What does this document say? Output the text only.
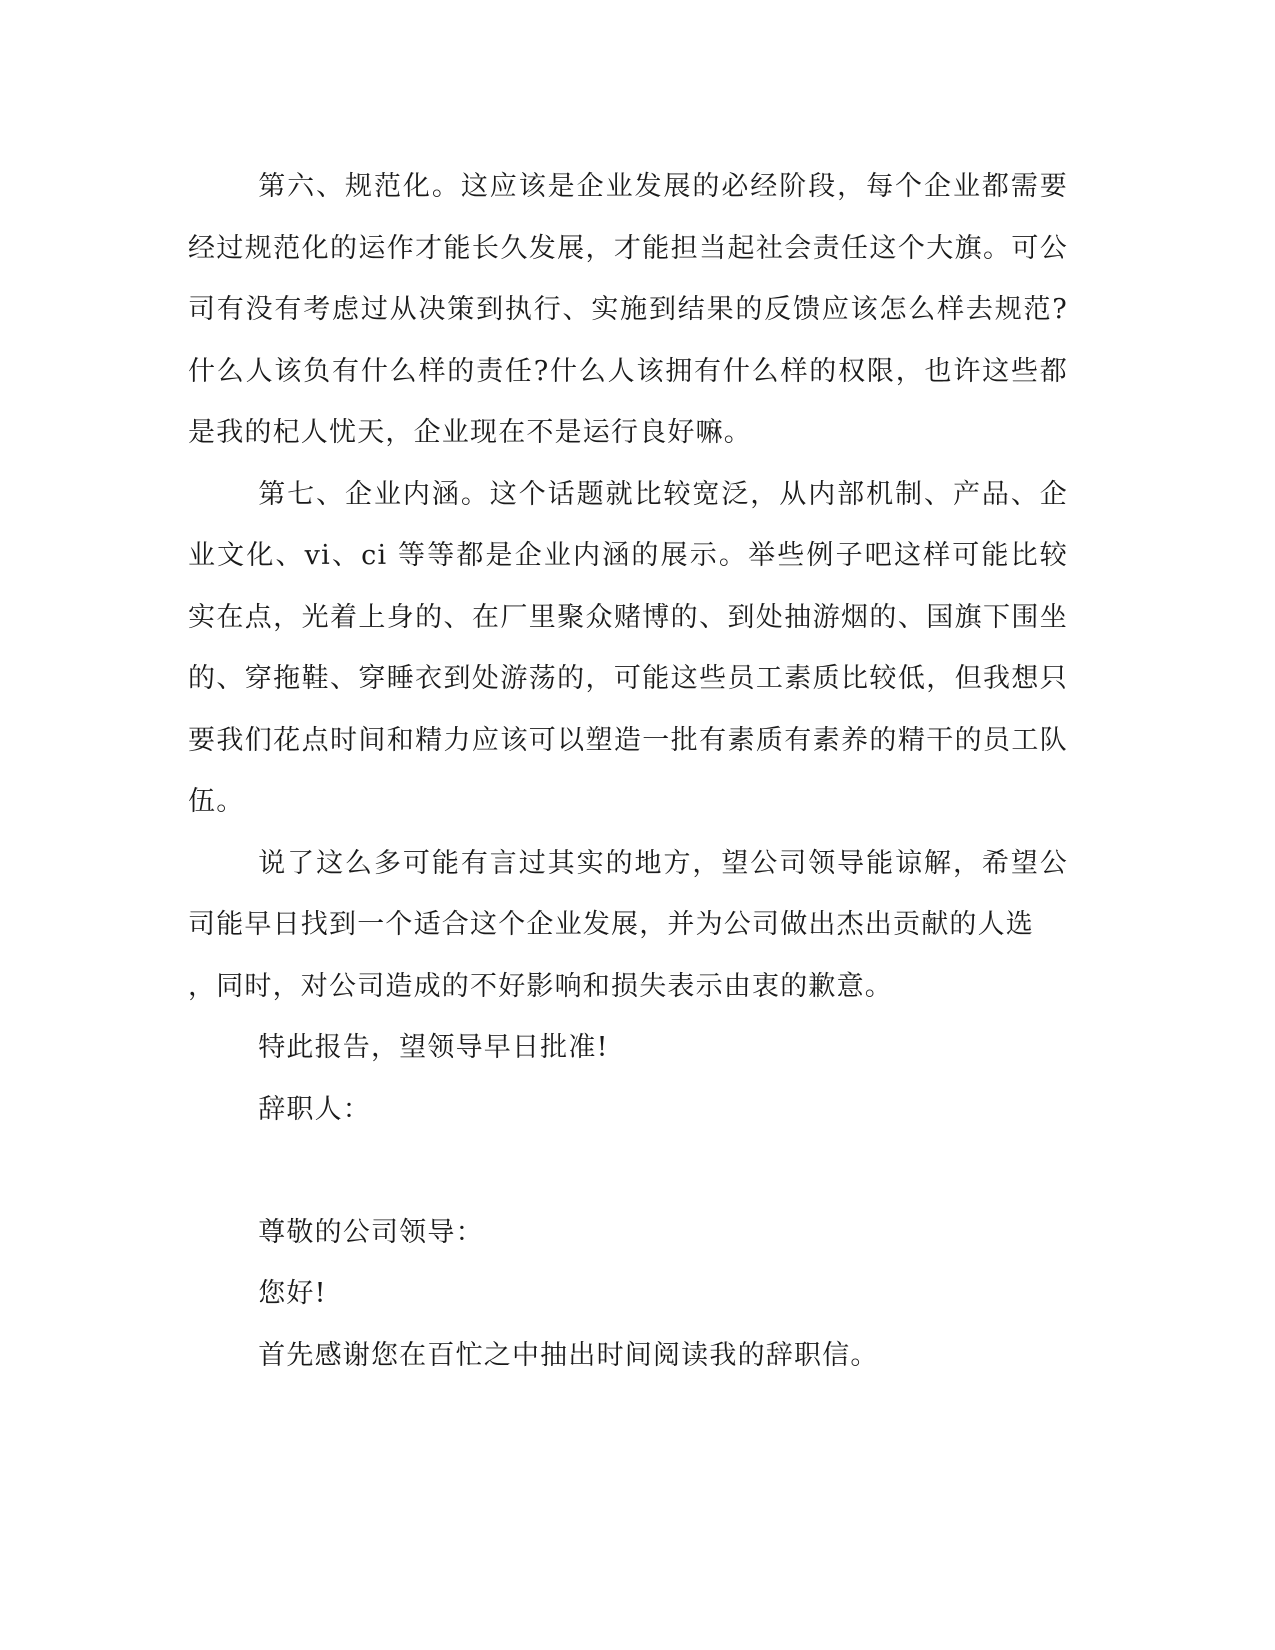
第六、规范化。这应该是企业发展的必经阶段，每个企业都需要经过规范化的运作才能长久发展，才能担当起社会责任这个大旗。可公司有没有考虑过从决策到执行、实施到结果的反馈应该怎么样去规范?什么人该负有什么样的责任?什么人该拥有什么样的权限，也许这些都是我的杞人忧天，企业现在不是运行良好嘛。

第七、企业内涵。这个话题就比较宽泛，从内部机制、产品、企业文化、vi、ci 等等都是企业内涵的展示。举些例子吧这样可能比较实在点，光着上身的、在厂里聚众赌博的、到处抽游烟的、国旗下围坐的、穿拖鞋、穿睡衣到处游荡的，可能这些员工素质比较低，但我想只要我们花点时间和精力应该可以塑造一批有素质有素养的精干的员工队伍。

说了这么多可能有言过其实的地方，望公司领导能谅解，希望公司能早日找到一个适合这个企业发展，并为公司做出杰出贡献的人选
，同时，对公司造成的不好影响和损失表示由衷的歉意。

特此报告，望领导早日批准!

辞职人：

尊敬的公司领导：

您好!

首先感谢您在百忙之中抽出时间阅读我的辞职信。
